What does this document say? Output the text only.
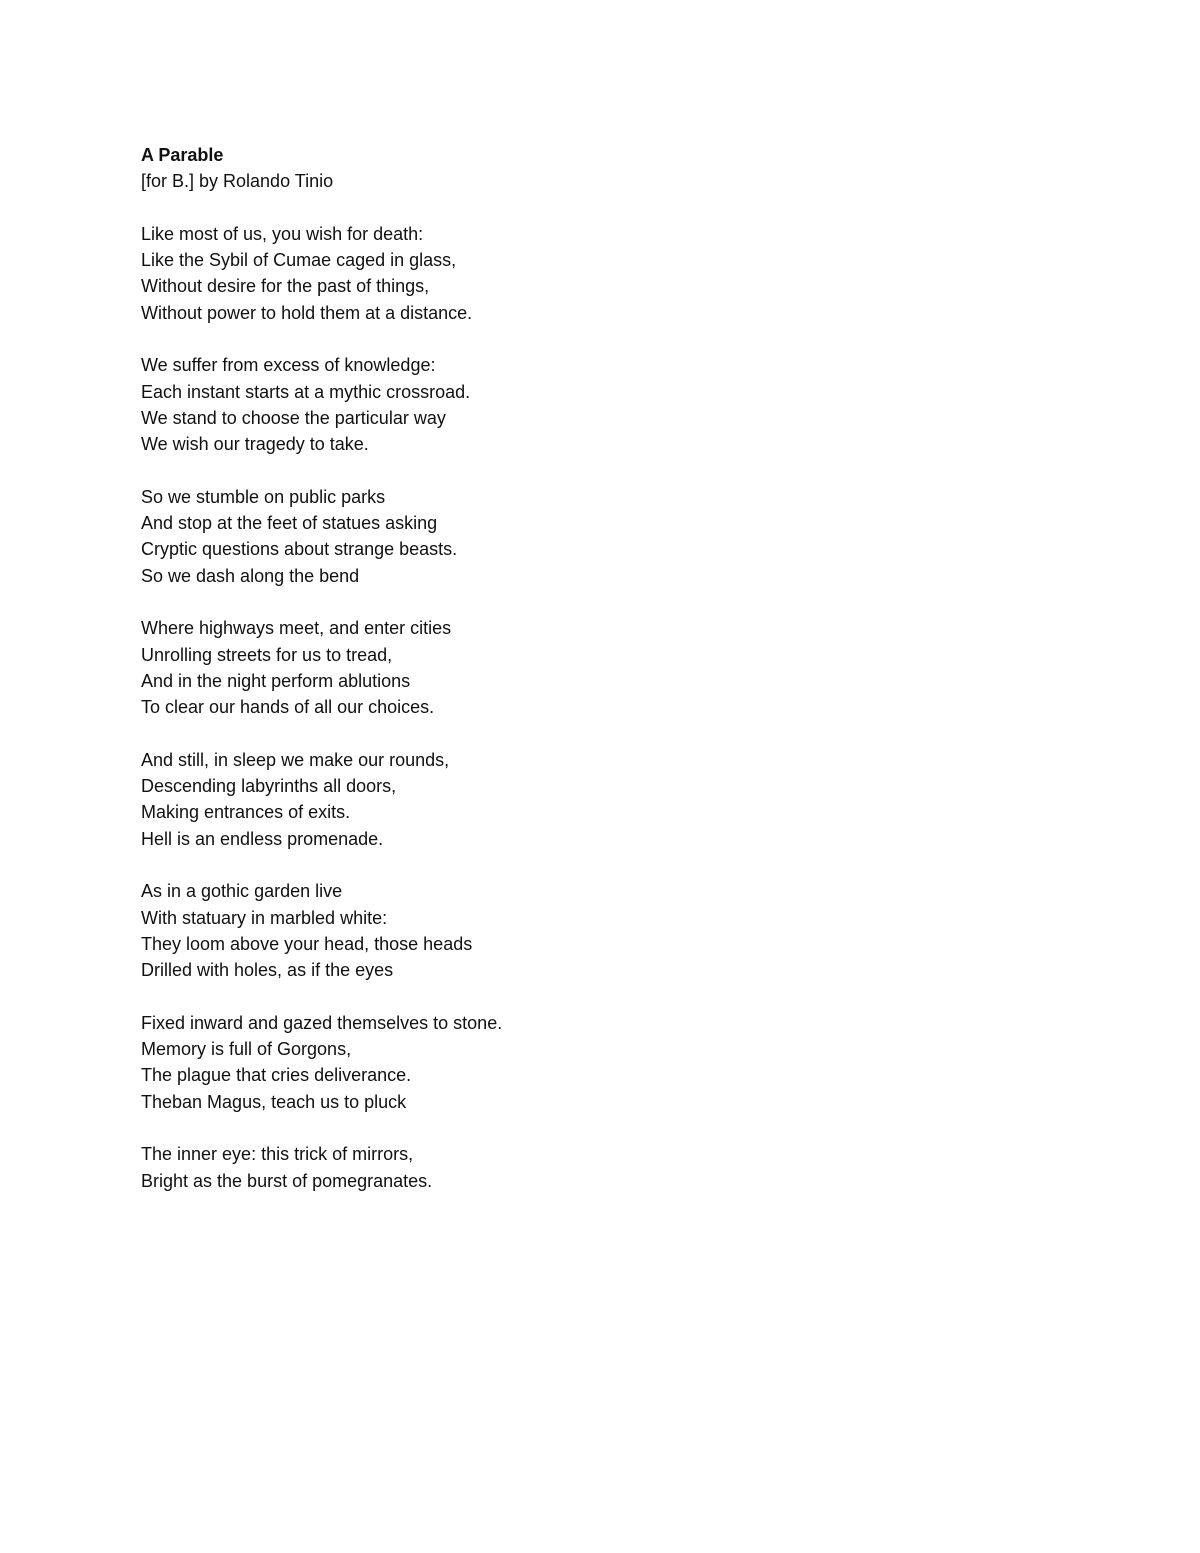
A Parable

[for B.] by Rolando Tinio

Like most of us, you wish for death:
Like the Sybil of Cumae caged in glass,
Without desire for the past of things,
Without power to hold them at a distance.
We suffer from excess of knowledge:
Each instant starts at a mythic crossroad.
We stand to choose the particular way
We wish our tragedy to take.
So we stumble on public parks
And stop at the feet of statues asking
Cryptic questions about strange beasts.
So we dash along the bend
Where highways meet, and enter cities
Unrolling streets for us to tread,
And in the night perform ablutions
To clear our hands of all our choices.
And still, in sleep we make our rounds,
Descending labyrinths all doors,
Making entrances of exits.
Hell is an endless promenade.
As in a gothic garden live
With statuary in marbled white:
They loom above your head, those heads
Drilled with holes, as if the eyes
Fixed inward and gazed themselves to stone.
Memory is full of Gorgons,
The plague that cries deliverance.
Theban Magus, teach us to pluck
The inner eye: this trick of mirrors,
Bright as the burst of pomegranates.
